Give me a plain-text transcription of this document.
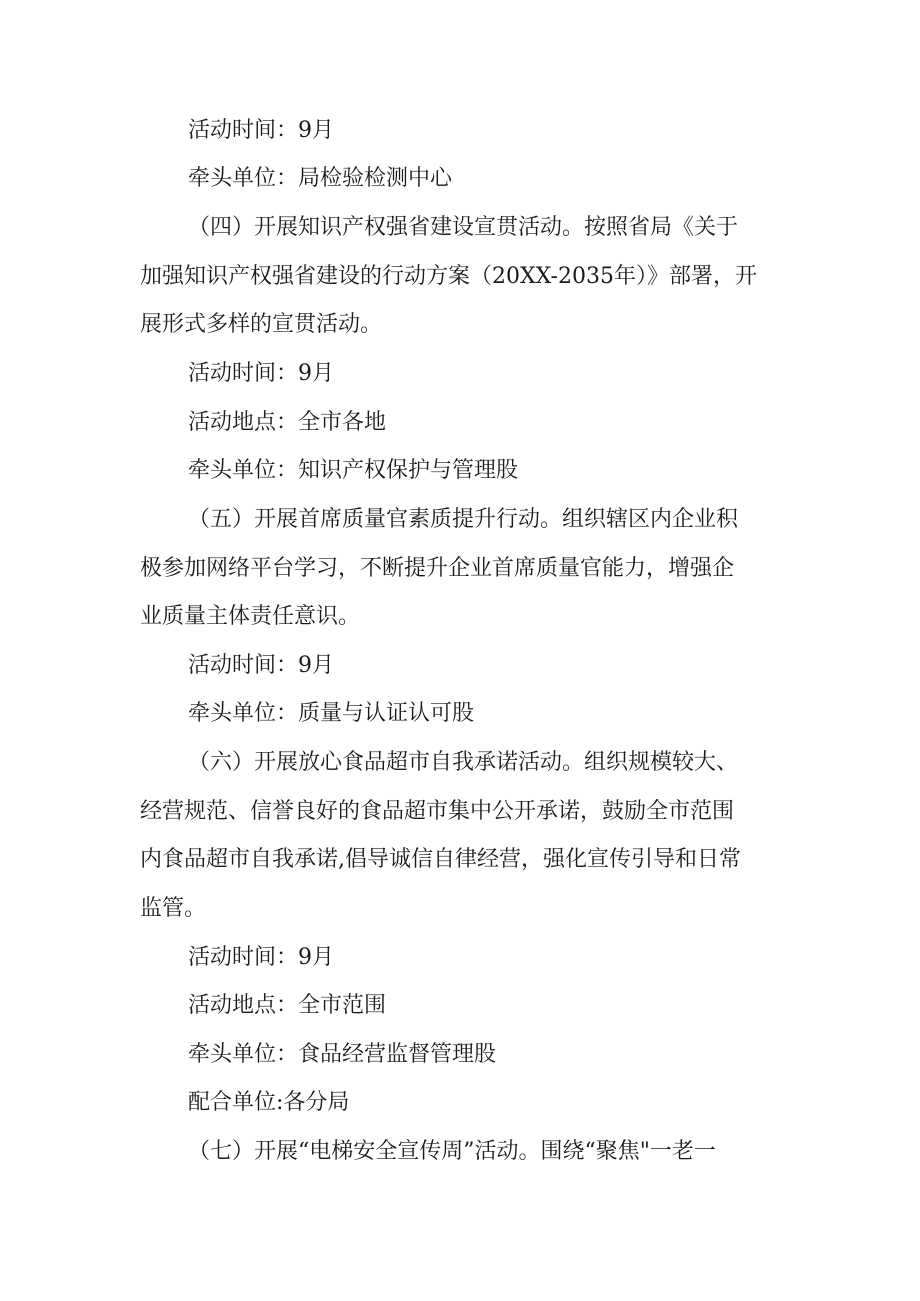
活动时间：9月
牵头单位：局检验检测中心
（四）开展知识产权强省建设宣贯活动。按照省局《关于
加强知识产权强省建设的行动方案（20XX-2035年）》部署，开
展形式多样的宣贯活动。
活动时间：9月
活动地点：全市各地
牵头单位：知识产权保护与管理股
（五）开展首席质量官素质提升行动。组织辖区内企业积
极参加网络平台学习，不断提升企业首席质量官能力，增强企
业质量主体责任意识。
活动时间：9月
牵头单位：质量与认证认可股
（六）开展放心食品超市自我承诺活动。组织规模较大、
经营规范、信誉良好的食品超市集中公开承诺，鼓励全市范围
内食品超市自我承诺,倡导诚信自律经营，强化宣传引导和日常
监管。
活动时间：9月
活动地点：全市范围
牵头单位：食品经营监督管理股
配合单位:各分局
（七）开展“电梯安全宣传周”活动。围绕“聚焦"一老一
